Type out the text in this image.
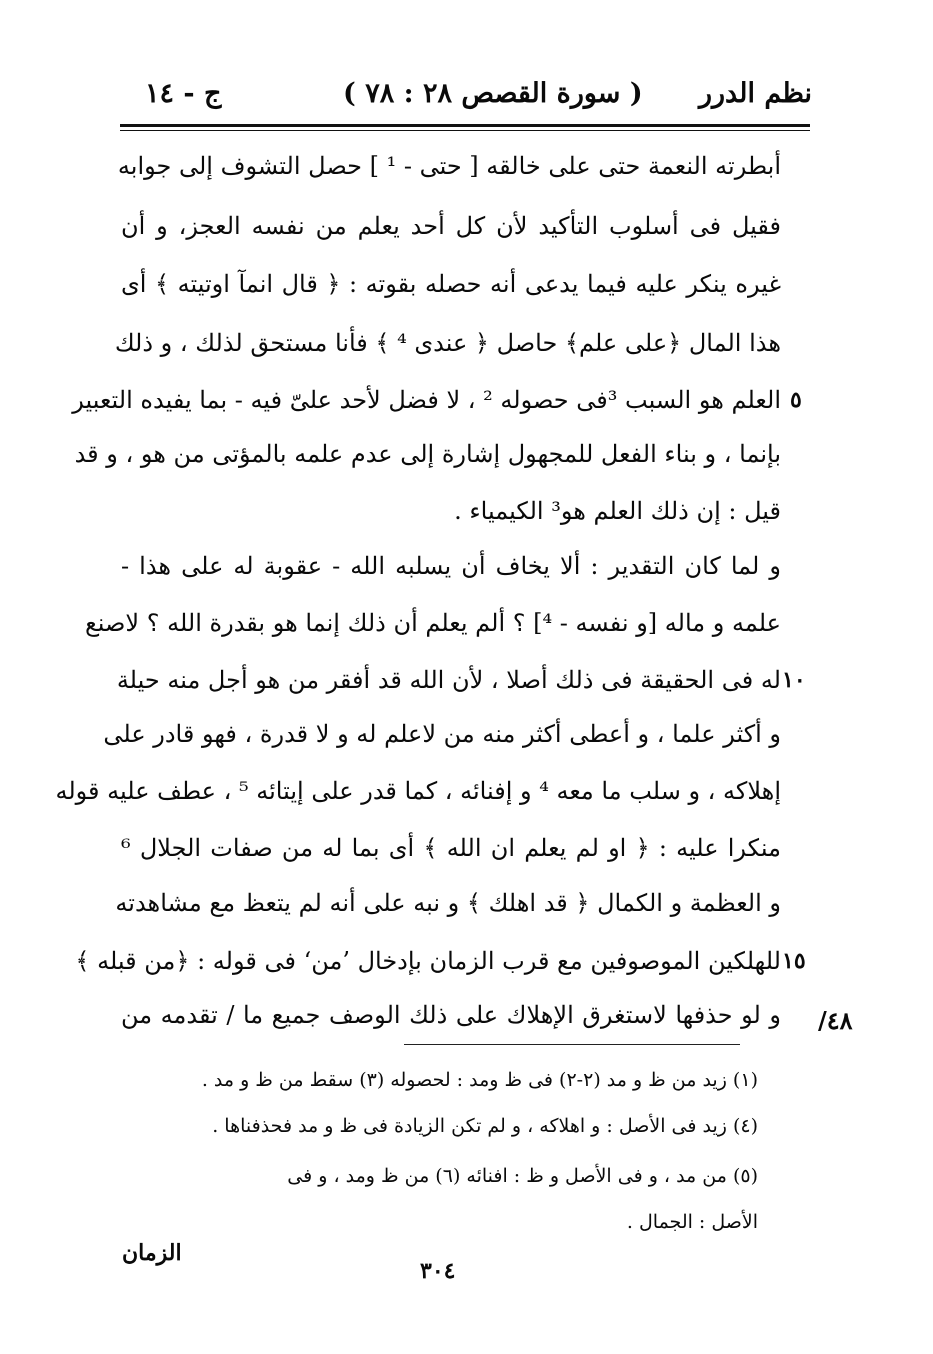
نظم الدرر
( سورة القصص ٢٨ : ٧٨ )
ج - ١٤
أبطرته النعمة حتى على خالقه [ حتى - ¹ ] حصل التشوف إلى جوابه
فقيل فى أسلوب التأكيد لأن كل أحد يعلم من نفسه العجز، و أن
غيره ينكر عليه فيما يدعى أنه حصله بقوته : ﴿ قال انمآ اوتيته ﴾ أى
هذا المال ﴿على علم﴾ حاصل ﴿ عندى ⁴ ﴾ فأنا مستحق لذلك ، و ذلك
العلم هو السبب ³فى حصوله ² ، لا فضل لأحد علىّ فيه - بما يفيده التعبير
بإنما ، و بناء الفعل للمجهول إشارة إلى عدم علمه بالمؤتى من هو ، و قد
قيل : إن ذلك العلم هو³ الكيمياء .
و لما كان التقدير : ألا يخاف أن يسلبه الله - عقوبة له على هذا -
علمه و ماله [و نفسه - ⁴] ؟ ألم يعلم أن ذلك إنما هو بقدرة الله ؟ لاصنع
له فى الحقيقة فى ذلك أصلا ، لأن الله قد أفقر من هو أجل منه حيلة
و أكثر علما ، و أعطى أكثر منه من لاعلم له و لا قدرة ، فهو قادر على
إهلاكه ، و سلب ما معه ⁴ و إفنائه ، كما قدر على إيتائه ⁵ ، عطف عليه قوله
منكرا عليه : ﴿ او لم يعلم ان الله ﴾ أى بما له من صفات الجلال ⁶
و العظمة و الكمال ﴿ قد اهلك ﴾ و نبه على أنه لم يتعظ مع مشاهدته
للهلكين الموصوفين مع قرب الزمان بإدخال ’من‘ فى قوله : ﴿من قبله ﴾
و لو حذفها لاستغرق الإهلاك على ذلك الوصف جميع ما / تقدمه من
٥
١٠
١٥
٤٨/
(١) زيد من ظ و مد (٢-٢) فى ظ ومد : لحصوله (٣) سقط من ظ و مد .
(٤) زيد فى الأصل : و اهلاكه ، و لم تكن الزيادة فى ظ و مد فحذفناها .
(٥) من مد ، و فى الأصل و ظ : افنائه (٦) من ظ ومد ، و فى
الأصل : الجمال .
الزمان
٣٠٤
